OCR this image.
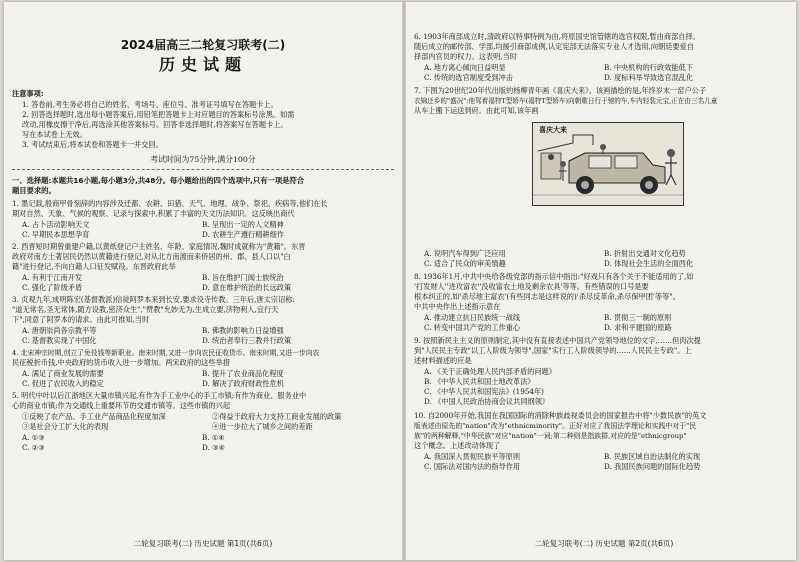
2024届高三二轮复习联考(二)
历史试题
注意事项:
1. 答卷前,考生务必将自己的姓名、考场号、座位号、准考证号填写在答题卡上。
2. 回答选择题时,选出每小题答案后,用铅笔把答题卡上对应题目的答案标号涂黑。如需
改动,用橡皮擦干净后,再选涂其他答案标号。回答非选择题时,将答案写在答题卡上。
写在本试卷上无效。
3. 考试结束后,将本试卷和答题卡一并交回。
考试时间为75分钟,满分100分
一、选择题:本题共16小题,每小题3分,共48分。每小题给出的四个选项中,只有一项是符合
题目要求的。
1. 墨记载,殷商甲骨刻辞的内容涉及迁都、农耕、田猎、天气、地理、战争、祭祀、疾病等,他们在长
期对自然、天象、气候的观察、记录与探索中,积累了丰富的天文历法知识。这反映出商代
A. 占卜活动影响天文	B. 呈现出一定的人文精神
C. 早期民本思想孕育	D. 农耕生产遵行精耕细作
2. 西晋短时期曾重建户籍,以黄纸登记户主姓名、年龄、家庭情况,魏时成就称为"黄籍"。东晋
政府对南方土著居民仍然以黄籍进行登记,对从北方南渡而来侨居的州、郡、县人口以"白
籍"进行登记,不向白籍人口征发赋役。东晋政府此举
A. 有利于江南开发	B. 旨在维护门阀士族统治
C. 强化了阶级矛盾	D. 意在维护统治的长远政策
3. 贞观九年,成明陈宏(基督教派)信徒阿罗本来到长安,要求设寺传教。三年后,唐太宗诏称:
"道无常名,圣无常体,随方设教,密济众生","赞教"允妙无为,生成立要,济物利人,宜行天
下",同意了阿罗本的请求。由此可推知,当时
A. 唐朝崇尚各宗教平等	B. 佛教的影响力日益增强
C. 基督教实现了中国化	D. 统治者奉行三教并行政策
4. 北宋神宗时期,创立了免役钱等新职业。南宋时期,又进一步向农民征收货币。南宋时期,又进一步向农
民征税折币钱,中央政府的货币收入进一步增加。两宋政府的这些举措
A. 满足了商业发展的需要	B. 提升了农业商品化程度
C. 促进了农民收入的稳定	D. 解决了政府财政性危机
5. 明代中叶以后江浙地区大量市镇兴起,有作为手工业中心的手工市镇;有作为商业、服务业中
心的商业市镇;作为交通线上重要环节的交通市镇等。这些市镇的兴起
①反映了农产品、手工业产品商品化程度加深	②得益于政府大力支持工商业发展的政策
③是社会分工扩大化的表现	④进一步拉大了城乡之间的差距
A. ①③	B. ①④
C. ②③	D. ③④
二轮复习联考(二) 历史试题 第1页(共6页)
6. 1903年商部成立时,清政府以特事特例为由,将原国史馆管辖的选官权限,暂由商部自择。
随后成立的邮传部、学部,均援引商部成例,认定宪部无法落实专业人才选用,向朝廷要爱自
择部内官员的权力。这表明,当时
A. 地方离心倾向日益明显	B. 中央机构的行政效能低下
C. 传统的选官制度受到冲击	D. 度标科举导致选官混乱化
7. 下图为20世纪20年代出版的杨柳青年画《喜庆大来》。该画描绘的是,年终岁末一窑户公子
衣锦还乡的"盛况":他驾着福特T型轿车(福特T型轿车)向朝歌日行于驰的车,车内轻装元宝,正在由三名儿童
从车上搬下运送到府。由此可知,该年画
喜庆大来
A. 说明汽车得到广泛应用	B. 折射出交通对文化趋势
C. 适合了民众的审美情趣	D. 体现社会生活的全面西化
8. 1936年1月,中共中央给各级党部的指示信中指出:"好戏只有各个关于不能适用的了,如
'打发财人''进攻富农''没收富农土地及剩余农具'等等。有些错误的口号是要
根本纠正的,如'杀尽地主富农'(有些同志是这样说的)'杀尽反革命,杀尽保甲团'等等"。
中共中央作出上述指示意在
A. 推动建立抗日民族统一战线	B. 贯彻三一制的原则
C. 转变中国共产党的工作重心	D. 求和平建国的原路
9. 按照新民主主义的原则制定,其中没有直接表述中国共产党领导地位的文字,……但肉次提
到"人民民主专政"以工人阶级为领导",国家"实行工人阶级领导的……人民民主专政"。上
述材料描述的应是
A. 《关于正确处理人民内部矛盾的问题》
B. 《中华人民共和国土地改革法》
C. 《中华人民共和国宪法》(1954年)
D. 《中国人民政治协商会议共同纲领》
10. 自2000年开始,我国在我国国际的消除种族歧视委员会的国家报告中将"少数民族"的英文
版表述由原先的"nation"改为"ethnicminority"。正好对应了我国法学理论和实践中对于"民
族"的两种解释,"中华民族"对应"nation"一词;第二种则是指族群,对应的是"ethnicgroup"
这个概念。上述改动体现了
A. 我国深入贯彻民族平等原则	B. 民族区域自治法制化的实现
C. 国际法对国内法的指导作用	D. 我国民族问题的国际化趋势
二轮复习联考(二) 历史试题 第2页(共6页)
